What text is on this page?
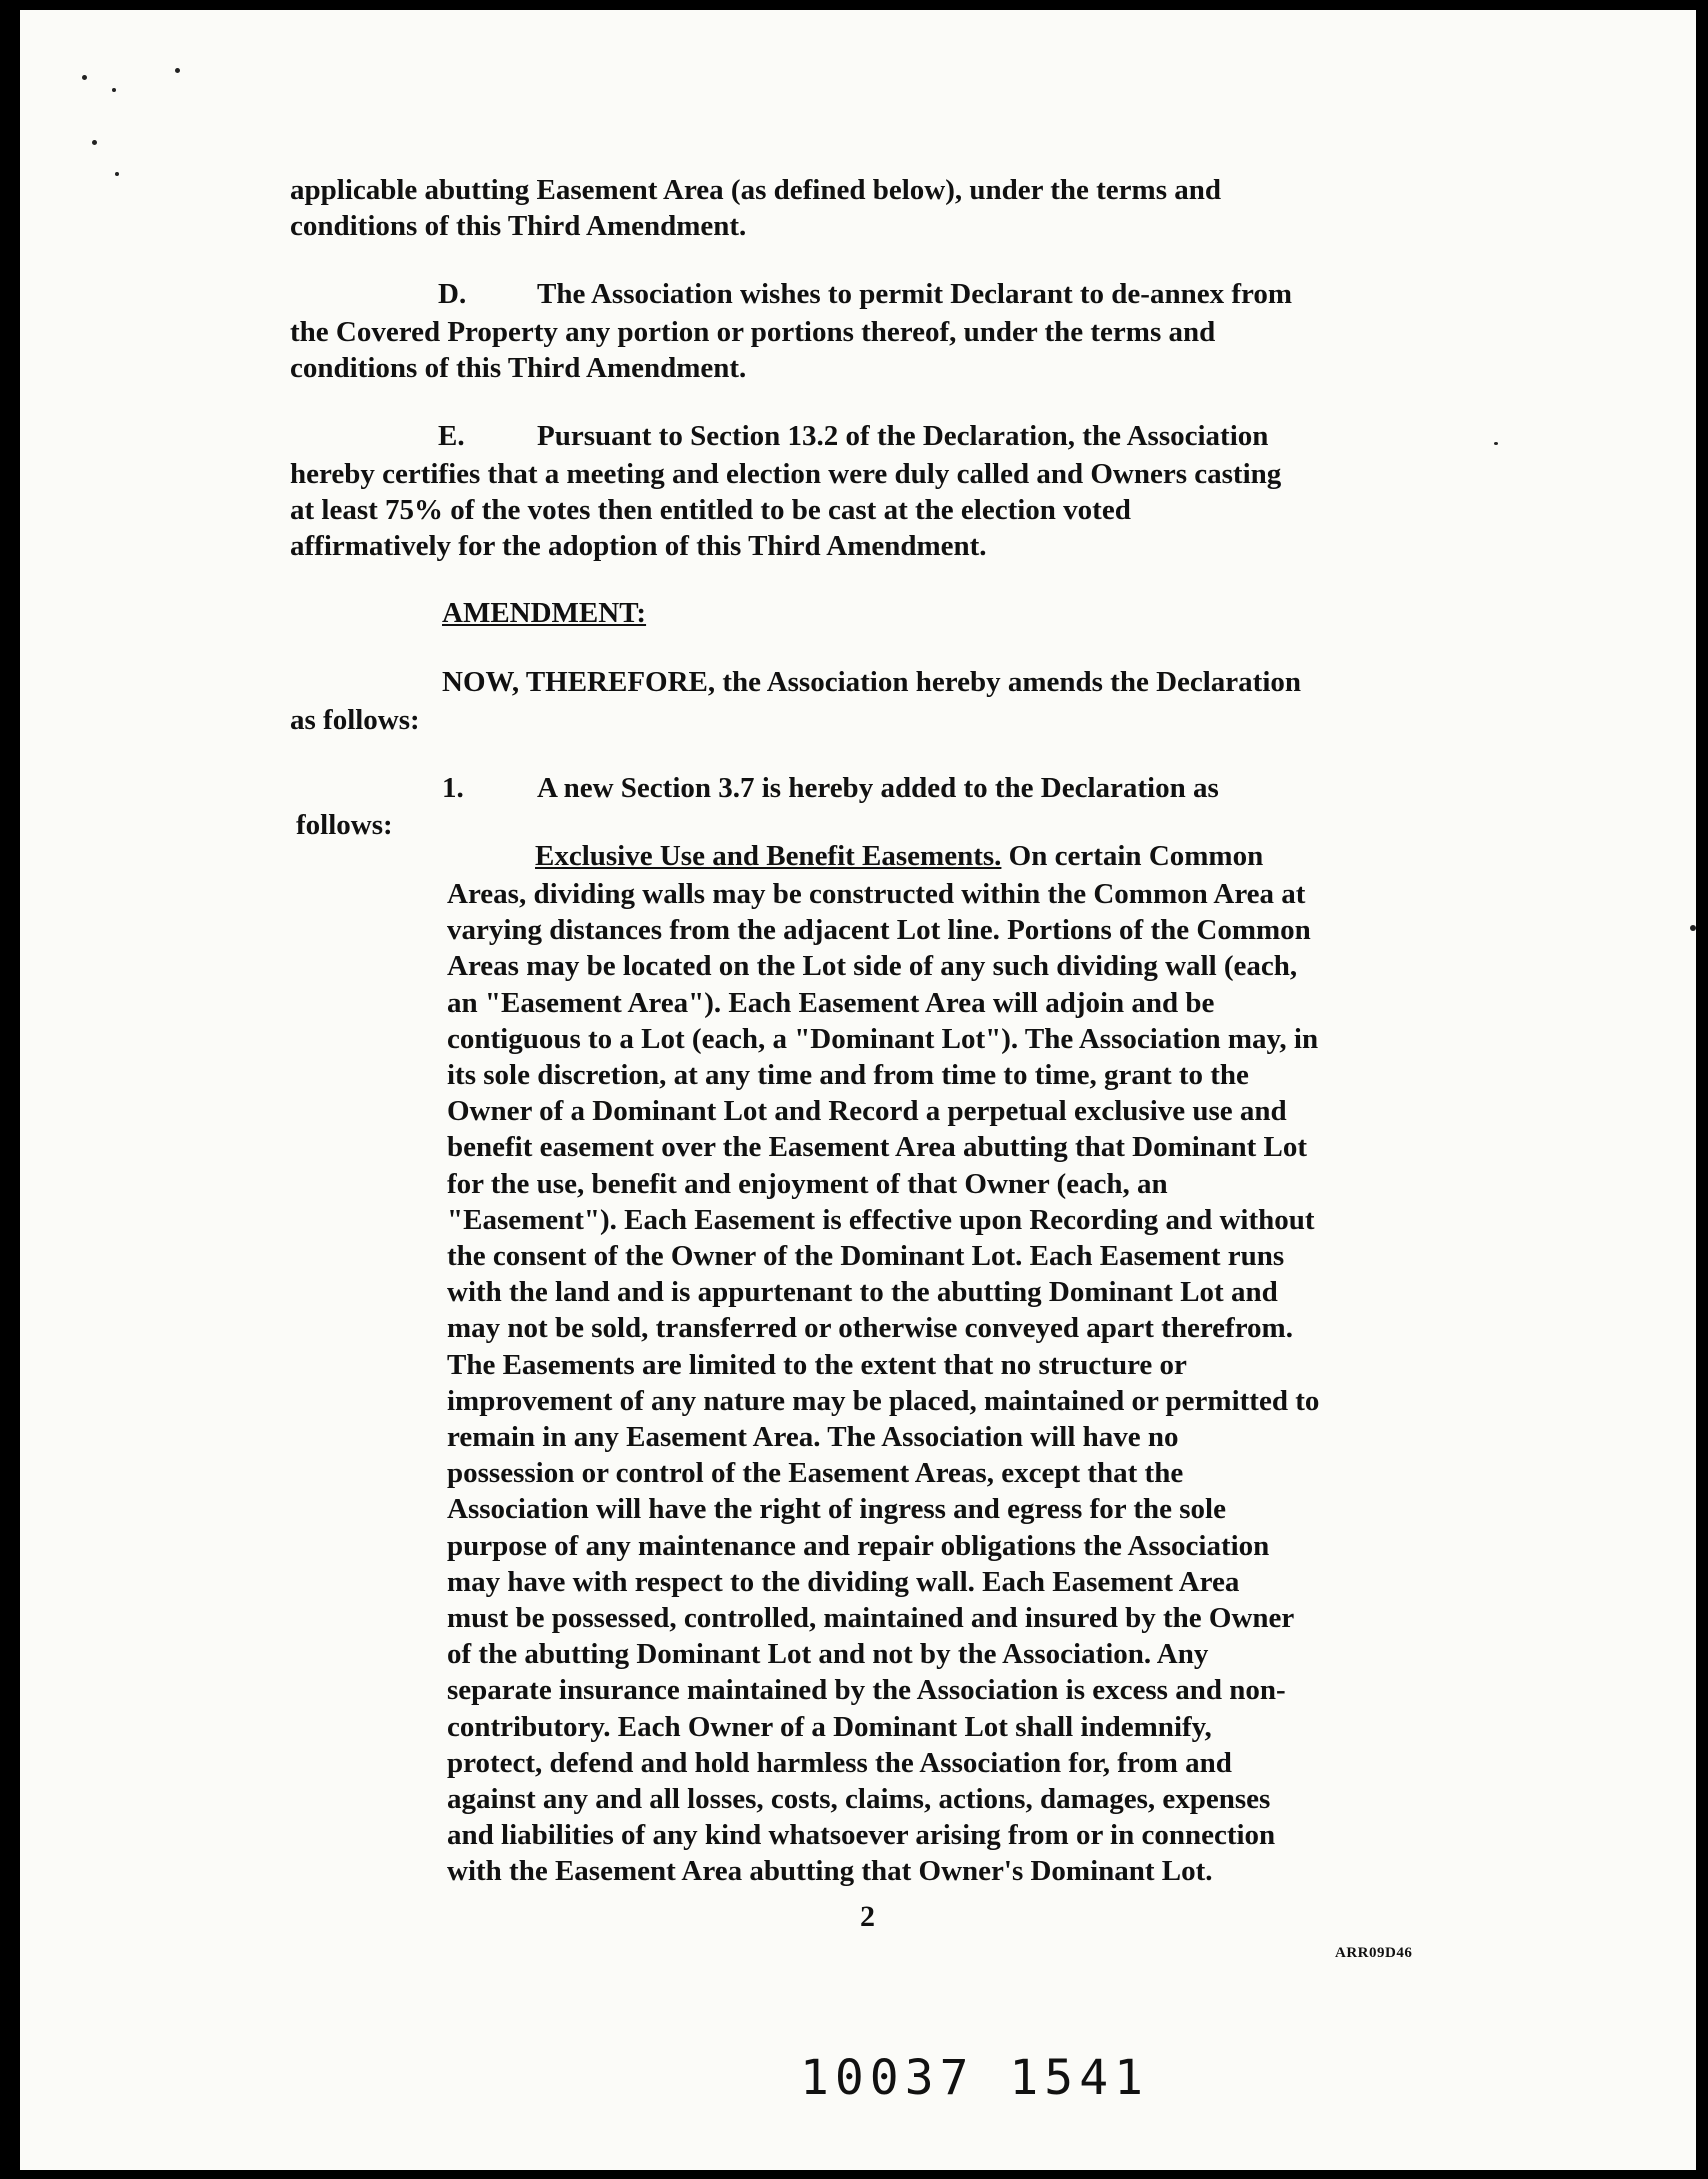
applicable abutting Easement Area (as defined below), under the terms and
conditions of this Third Amendment.

D. The Association wishes to permit Declarant to de-annex from

the Covered Property any portion or portions thereof, under the terms and
conditions of this Third Amendment.

E. Pursuant to Section 13.2 of the Declaration, the Association

hereby certifies that a meeting and election were duly called and Owners casting
at least 75% of the votes then entitled to be cast at the election voted
affirmatively for the adoption of this Third Amendment.

AMENDMENT:

NOW, THEREFORE, the Association hereby amends the Declaration

as follows:

1.	A new Section 3.7 is hereby added to the Declaration as

follows:

Exclusive Use and Benefit Easements. On certain Common

Areas, dividing walls may be constructed within the Common Area at
varying distances from the adjacent Lot line. Portions of the Common
Areas may be located on the Lot side of any such dividing wall (each,
an "Easement Area"). Each Easement Area will adjoin and be
contiguous to a Lot (each, a "Dominant Lot"). The Association may, in
its sole discretion, at any time and from time to time, grant to the
Owner of a Dominant Lot and Record a perpetual exclusive use and
benefit easement over the Easement Area abutting that Dominant Lot
for the use, benefit and enjoyment of that Owner (each, an
"Easement"). Each Easement is effective upon Recording and without
the consent of the Owner of the Dominant Lot. Each Easement runs
with the land and is appurtenant to the abutting Dominant Lot and
may not be sold, transferred or otherwise conveyed apart therefrom.
The Easements are limited to the extent that no structure or
improvement of any nature may be placed, maintained or permitted to
remain in any Easement Area. The Association will have no
possession or control of the Easement Areas, except that the
Association will have the right of ingress and egress for the sole
purpose of any maintenance and repair obligations the Association
may have with respect to the dividing wall. Each Easement Area
must be possessed, controlled, maintained and insured by the Owner
of the abutting Dominant Lot and not by the Association. Any
separate insurance maintained by the Association is excess and non-
contributory. Each Owner of a Dominant Lot shall indemnify,
protect, defend and hold harmless the Association for, from and
against any and all losses, costs, claims, actions, damages, expenses
and liabilities of any kind whatsoever arising from or in connection
with the Easement Area abutting that Owner's Dominant Lot.

2
ARR09D46
10037 1541
